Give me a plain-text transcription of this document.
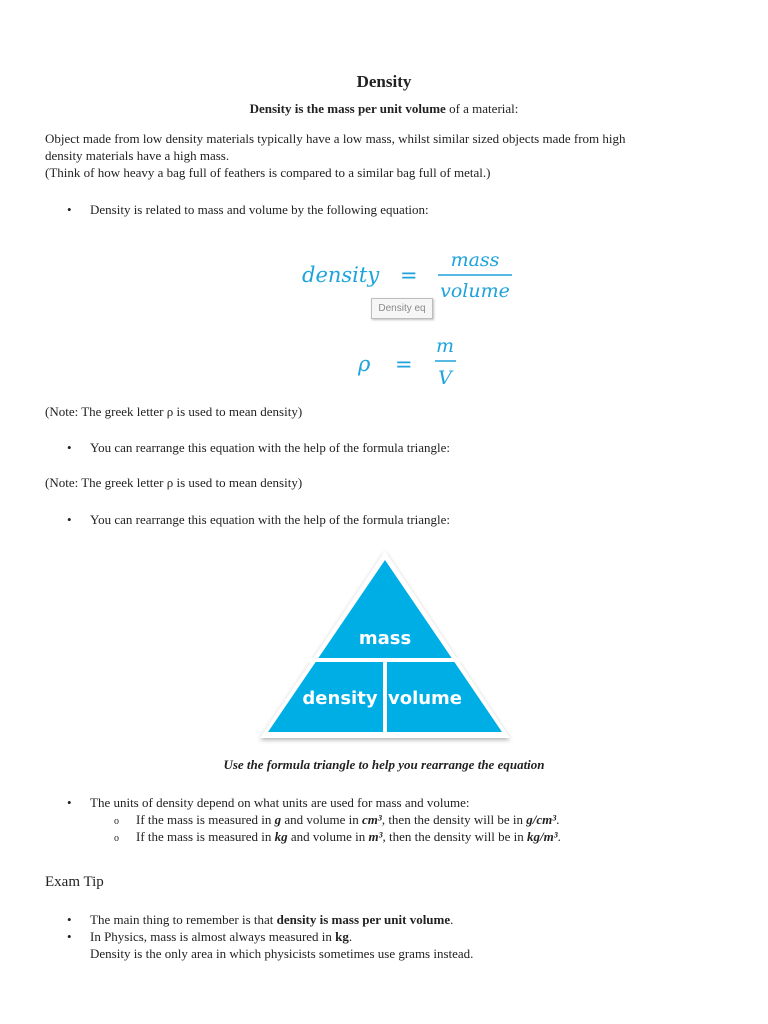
Density
Density is the mass per unit volume of a material:
Object made from low density materials typically have a low mass, whilst similar sized objects made from high
density materials have a high mass.
(Think of how heavy a bag full of feathers is compared to a similar bag full of metal.)
• Density is related to mass and volume by the following equation:
density =
mass
volume
ρ =
m
V
Density eq
(Note: The greek letter ρ is used to mean density)
• You can rearrange this equation with the help of the formula triangle:
(Note: The greek letter ρ is used to mean density)
• You can rearrange this equation with the help of the formula triangle:
mass
density volume
Use the formula triangle to help you rearrange the equation
• The units of density depend on what units are used for mass and volume:
o If the mass is measured in g and volume in cm³, then the density will be in g/cm³.
o If the mass is measured in kg and volume in m³, then the density will be in kg/m³.
Exam Tip
• The main thing to remember is that density is mass per unit volume.
• In Physics, mass is almost always measured in kg.
Density is the only area in which physicists sometimes use grams instead.
